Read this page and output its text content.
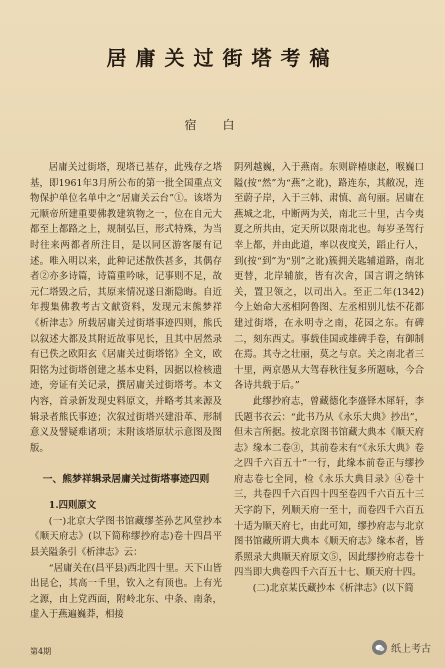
居庸关过街塔考稿
宿白

居庸关过街塔，现塔已基存，此残存之塔基，即1961年3月所公布的第一批全国重点文物保护单位名单中之“居庸关云台”①。该塔为元顺帝所建重要佛教建筑物之一，位在自元大都至上都路之上，规制弘巨，形式特殊，为当时往来两都者所注目，是以同区游客屡有记述。唯入明以来，此种记述散佚甚多，其偶存者②亦多诗篇，诗篇重吟咏，记事则不足，故元仁塔毁之后，其原来情况遂日渐隐晦。自近年搜集佛教考古文献资料，发现元末熊梦祥《析津志》所载居庸关过街塔事迹四则，熊氏以叙述大都及其附近故事见长，且其中居然录有已佚之欧阳玄《居庸关过街塔铭》全文，欧阳铭为过街塔创建之基本史料，因据以检核遗迹，旁证有关记录，撰居庸关过街塔考。本文内容，首录新发现史料原文，并略考其来源及辑录者熊氏事迹；次叙过街塔兴建沿革、形制意义及譬疑难诸项；末附该塔原状示意图及图版。

一、熊梦祥辑录居庸关过街塔事迹四则

1.四则原文

(一)北京大学图书馆藏缪荃孙艺风堂抄本《顺天府志》(以下简称缪抄府志)卷十四昌平县关隘条引《析津志》云：

“居庸关在(昌平县)西北四十里。天下山皆出昆仑，其高一千里，钦入之有顶也。上有光之源，由上党西面，附岭北东、中条、南条，虚入于燕遍巍莽，相接

阴列越巍，入于燕南。东则辟椿康赵，喉巍口隘(按“然”为“燕”之讹)，路连东，其敝况，连至蔚子岸，入于三韩、肃慎、高句丽。居庸在燕城之北，中断两为关，南北三十里，古今夷夏之所共由，定天所以限南北也。每岁圣驾行幸上都，并由此道，率以夜度关，蹈止行人，到(按“到”为“别”之讹)簇拥关匙辅道路，南北更替，北岸辅旅，皆有次舍，国言谓之纳钵关，置卫领之，以司出入。至正二年(1342)今上始命大丞相阿鲁图、左丞相别儿怯不花都建过街塔，在永明寺之南，花园之东。有碑二，刻东西丈。事载佳国或雄碑手卷，有御制在焉。其寺之壮丽，莫之与京。关之南北者三十里，两京愚从大驾春秋往复多所题咏，今合各诗共载于后。”

此缪抄府志，曾藏德化李盛铎木犀轩，李氏题书衣云：“此书乃从《永乐大典》抄出”，但未言所据。按北京图书馆藏大典本《顺天府志》缘本二卷③，其前卷末有“《永乐大典》卷之四千六百五十”一行，此缘本前卷正与缪抄府志卷七全同，检《永乐大典目录》④卷十三，共卷四千六百四十四至卷四千六百五十三天字韵下，列顺天府一至十，而卷四千六百五十适为顺天府七，由此可知，缪抄府志与北京图书馆藏所谓大典本《顺天府志》缘本者，皆系照录大典顺天府原文⑤，因此缪抄府志卷十四当即大典卷四千六百五十七、顺天府十四。

(二)北京某氏藏抄本《析津志》(以下简

第4期	纸上考古
